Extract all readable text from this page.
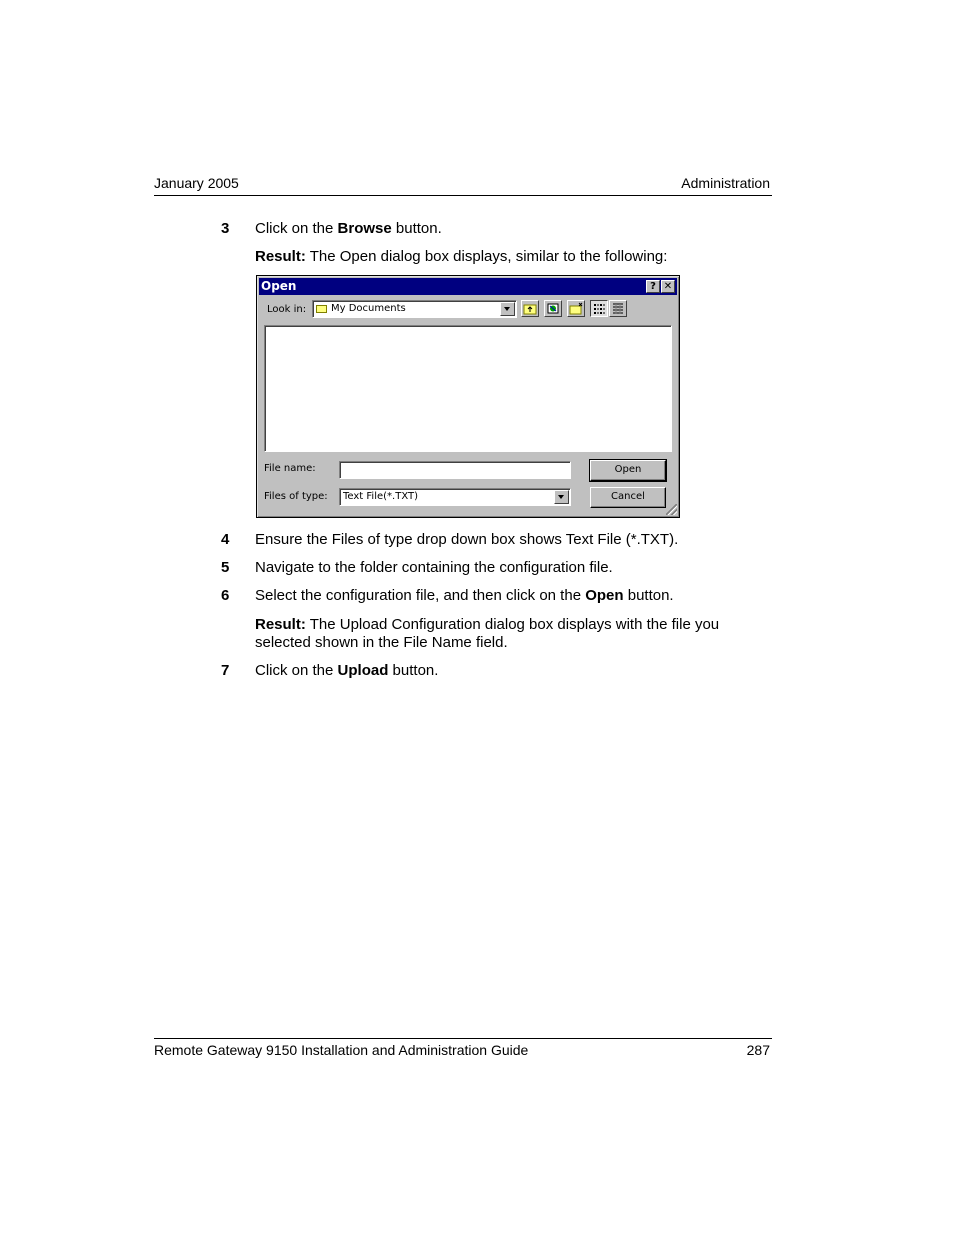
January 2005	Administration
3 Click on the Browse button.
Result: The Open dialog box displays, similar to the following:
Open	? ✕
Look in: My Documents
File name:
Files of type: Text File(*.TXT)
Open
Cancel
4 Ensure the Files of type drop down box shows Text File (*.TXT).
5 Navigate to the folder containing the configuration file.
6 Select the configuration file, and then click on the Open button.
Result: The Upload Configuration dialog box displays with the file you selected shown in the File Name field.
7 Click on the Upload button.
Remote Gateway 9150 Installation and Administration Guide	287
